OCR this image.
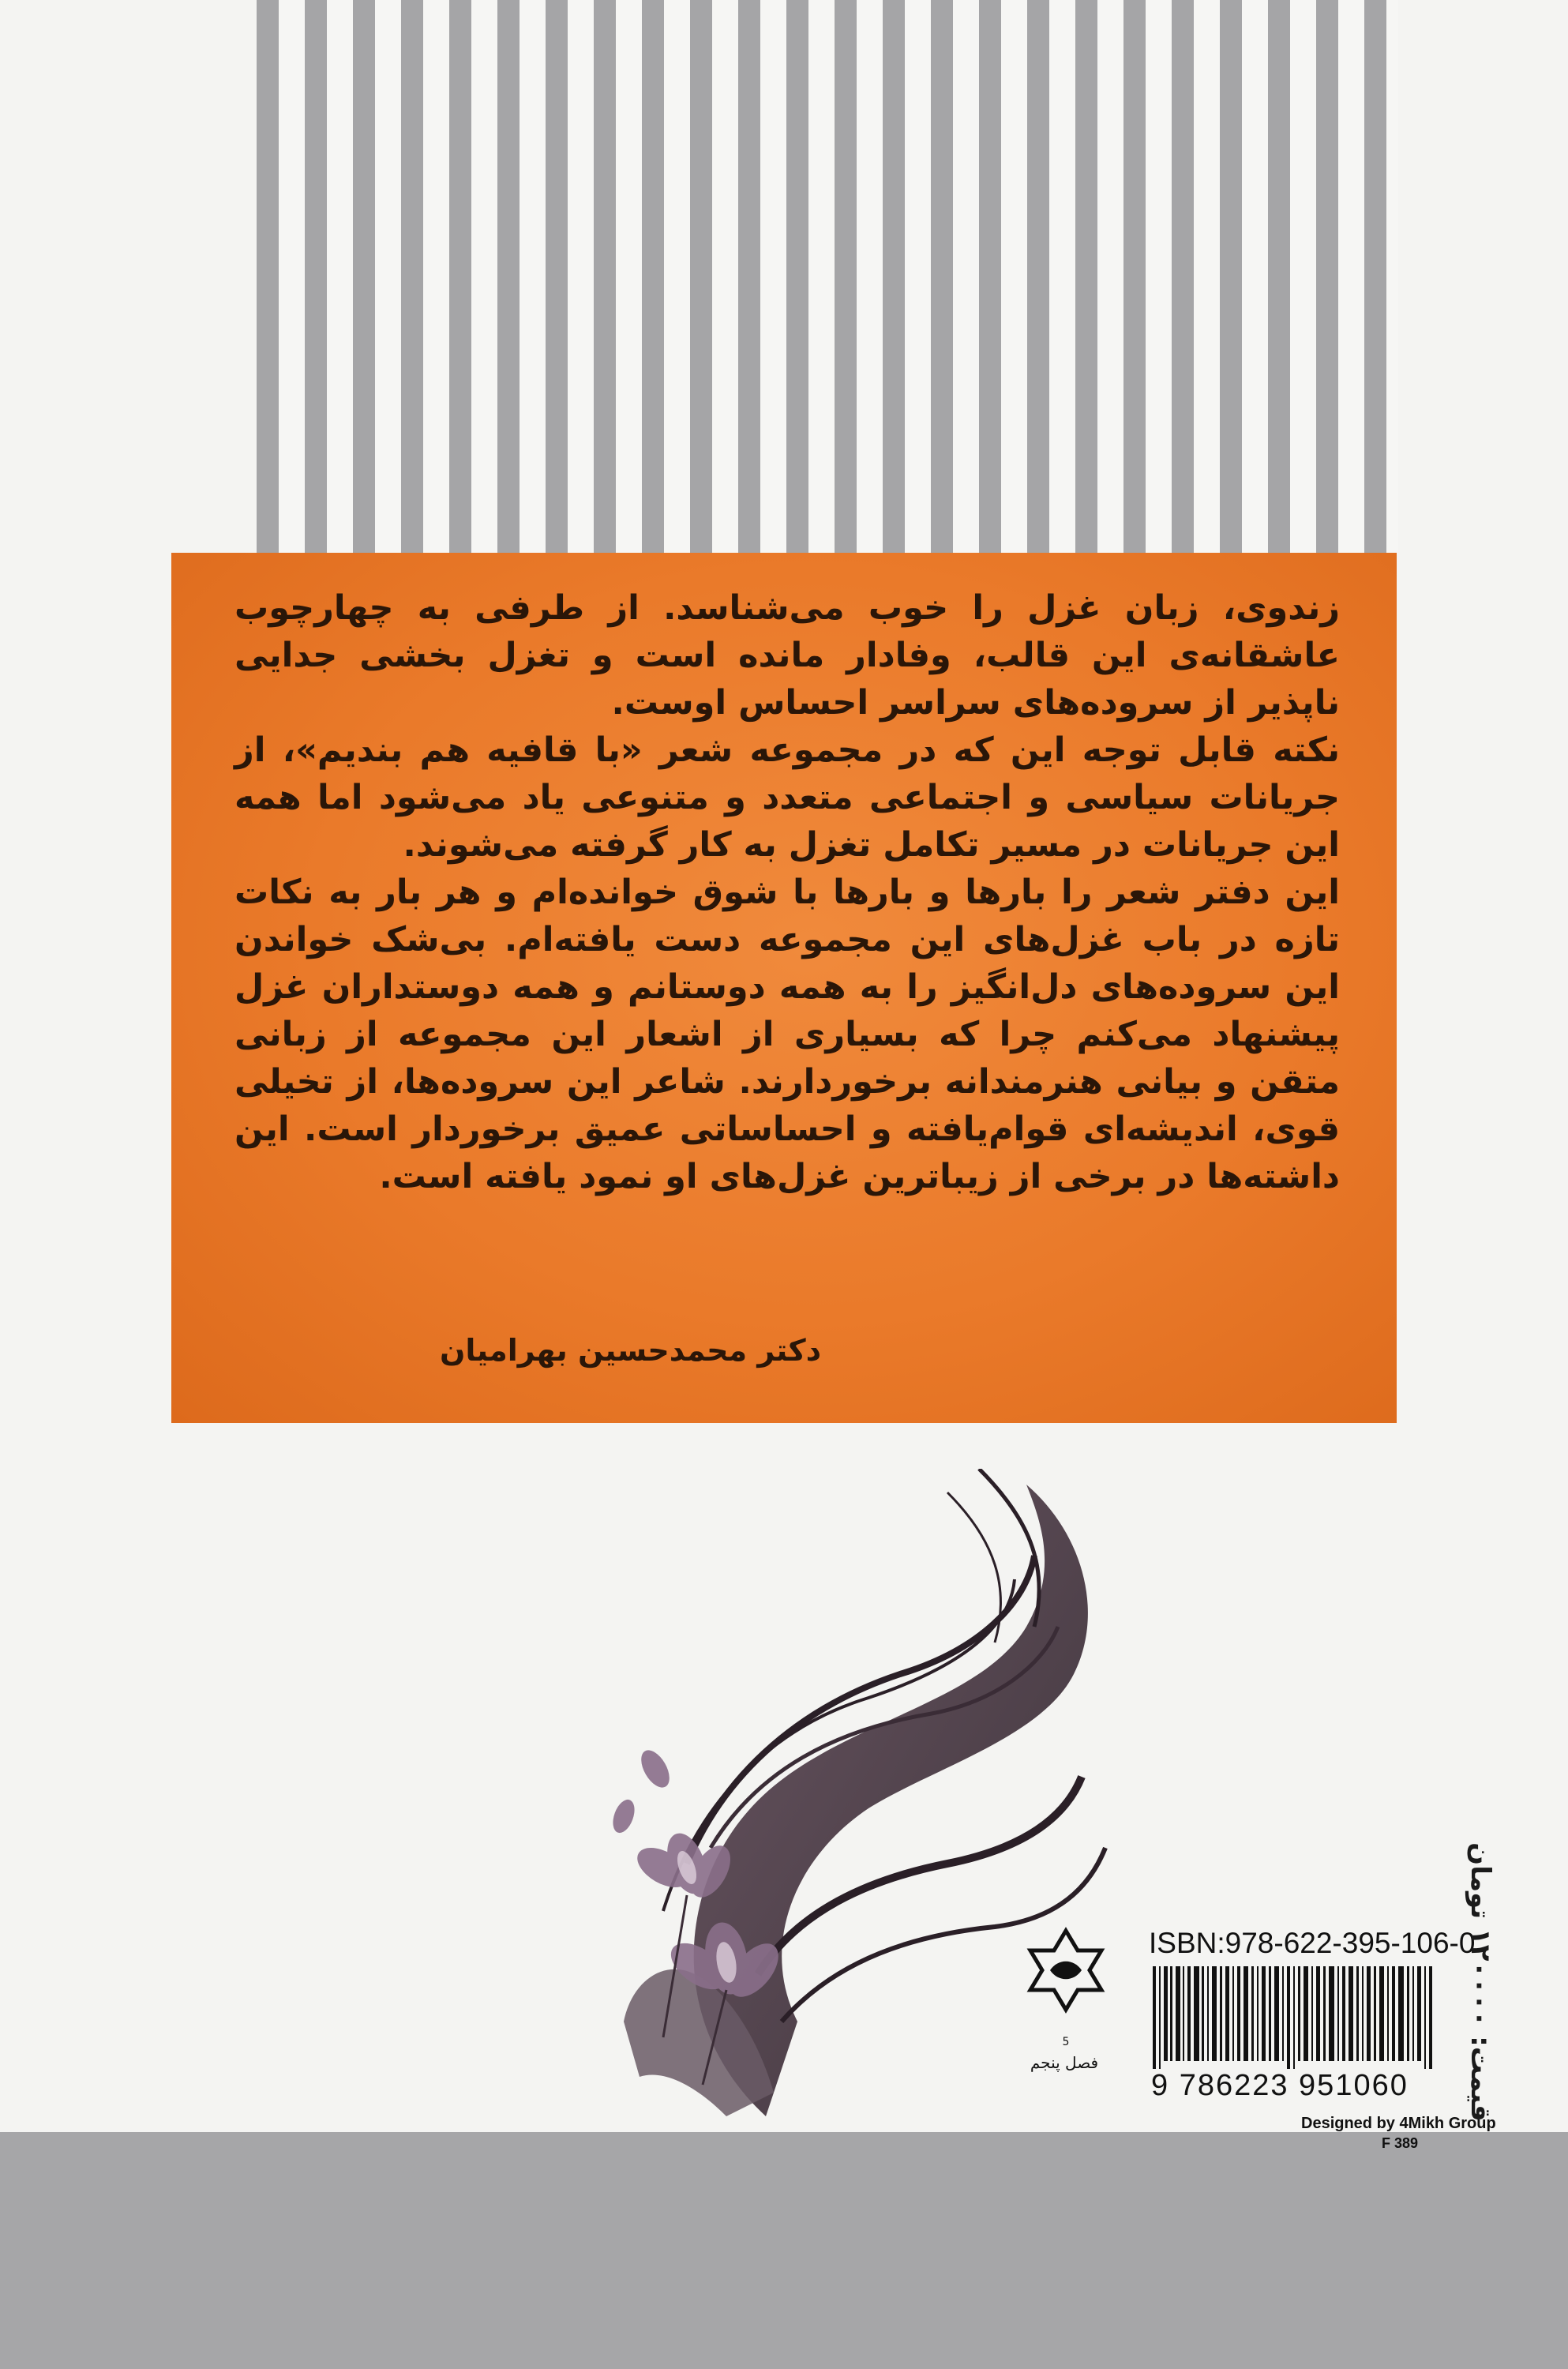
زندوی، زبان غزل را خوب می‌شناسد. از طرفی به چهارچوب عاشقانه‌ی این قالب، وفادار مانده است و تغزل بخشی جدایی ناپذیر از سروده‌های سراسر احساس اوست.

نکته قابل توجه این که در مجموعه شعر «با قافیه هم بندیم»، از جریانات سیاسی و اجتماعی متعدد و متنوعی یاد می‌شود اما همه این جریانات در مسیر تکامل تغزل به کار گرفته می‌شوند.

این دفتر شعر را بارها و بارها با شوق خوانده‌ام و هر بار به نکات تازه در باب غزل‌های این مجموعه دست یافته‌ام. بی‌شک خواندن این سروده‌های دل‌انگیز را به همه دوستانم و همه دوستداران غزل پیشنهاد می‌کنم چرا که بسیاری از اشعار این مجموعه از زبانی متقن و بیانی هنرمندانه برخوردارند. شاعر این سروده‌ها، از تخیلی قوی، اندیشه‌ای قوام‌یافته و احساساتی عمیق برخوردار است. این داشته‌ها در برخی از زیباترین غزل‌های او نمود یافته است.

دکتر محمدحسین بهرامیان
5
فصل پنجم
ISBN:978-622-395-106-0
9 786223 951060
قیمت: ۱۲۰۰۰۰ تومان
Designed by 4Mikh Group
F 389
